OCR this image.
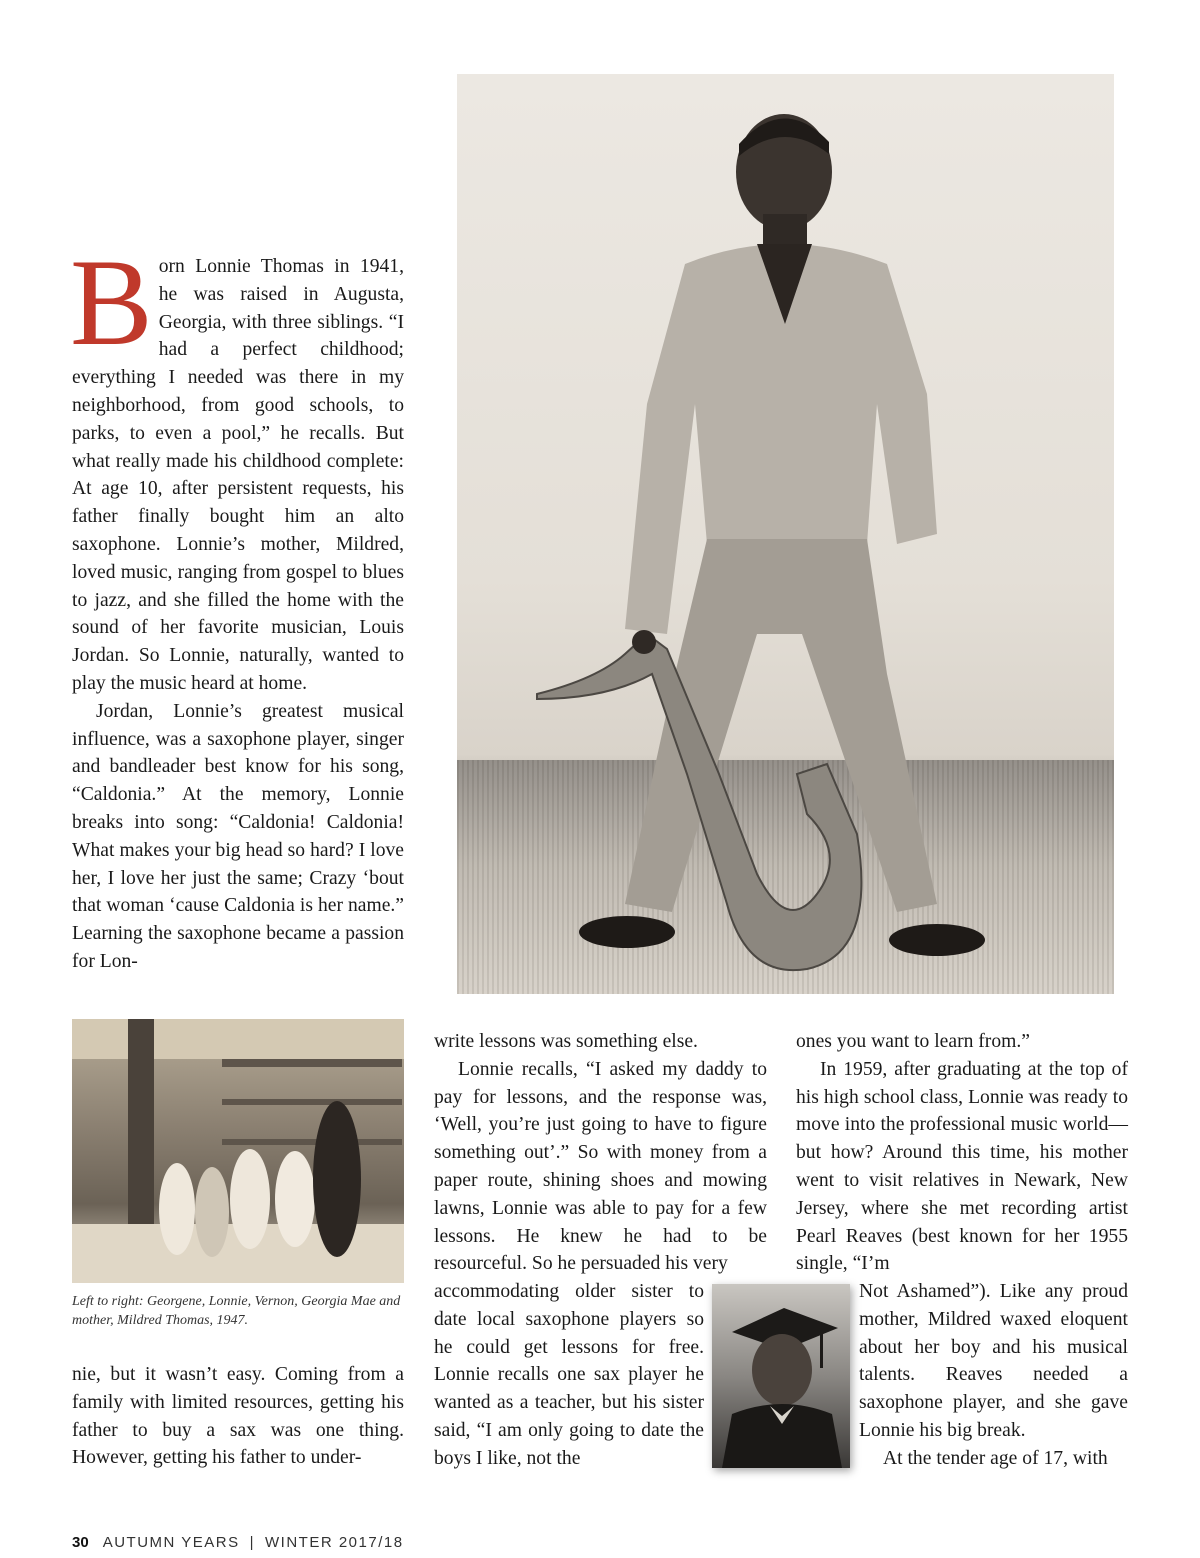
Born Lonnie Thomas in 1941, he was raised in Augusta, Georgia, with three siblings. “I had a perfect childhood; everything I needed was there in my neighborhood, from good schools, to parks, to even a pool,” he recalls. But what really made his childhood complete: At age 10, after persistent requests, his father finally bought him an alto saxophone. Lonnie’s mother, Mildred, loved music, ranging from gospel to blues to jazz, and she filled the home with the sound of her favorite musician, Louis Jordan. So Lonnie, naturally, wanted to play the music heard at home.

Jordan, Lonnie’s greatest musical influence, was a saxophone player, singer and bandleader best know for his song, “Caldonia.” At the memory, Lonnie breaks into song: “Caldonia! Caldonia! What makes your big head so hard? I love her, I love her just the same; Crazy ‘bout that woman ‘cause Caldonia is her name.” Learning the saxophone became a passion for Lon-

Left to right: Georgene, Lonnie, Vernon, Georgia Mae and mother, Mildred Thomas, 1947.

nie, but it wasn’t easy. Coming from a family with limited resources, getting his father to buy a sax was one thing. However, getting his father to under-

write lessons was something else.

Lonnie recalls, “I asked my daddy to pay for lessons, and the response was, ‘Well, you’re just going to have to figure something out’.” So with money from a paper route, shining shoes and mowing lawns, Lonnie was able to pay for a few lessons. He knew he had to be resourceful. So he persuaded his very

accommodating older sister to date local saxophone players so he could get lessons for free. Lonnie recalls one sax player he wanted as a teacher, but his sister said, “I am only going to date the boys I like, not the

ones you want to learn from.”

In 1959, after graduating at the top of his high school class, Lonnie was ready to move into the professional music world—but how? Around this time, his mother went to visit relatives in Newark, New Jersey, where she met recording artist Pearl Reaves (best known for her 1955 single, “I’m

Not Ashamed”). Like any proud mother, Mildred waxed eloquent about her boy and his musical talents. Reaves needed a saxophone player, and she gave Lonnie his big break.

At the tender age of 17, with

30 AUTUMN YEARS | WINTER 2017/18
